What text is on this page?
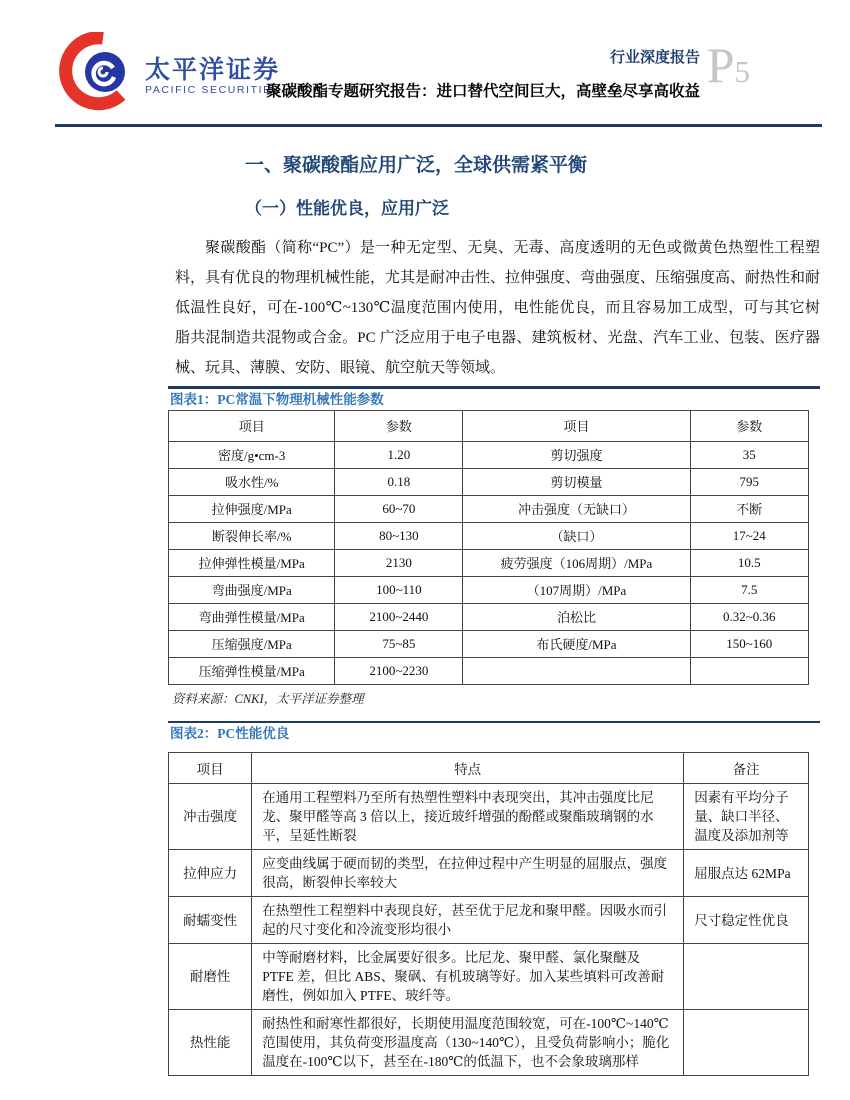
太平洋证券
PACIFIC SECURITIES
行业深度报告
聚碳酸酯专题研究报告：进口替代空间巨大，高壁垒尽享高收益 P5
一、聚碳酸酯应用广泛，全球供需紧平衡
（一）性能优良，应用广泛
聚碳酸酯（简称“PC”）是一种无定型、无臭、无毒、高度透明的无色或微黄色热塑性工程塑料，具有优良的物理机械性能，尤其是耐冲击性、拉伸强度、弯曲强度、压缩强度高、耐热性和耐低温性良好，可在-100℃~130℃温度范围内使用，电性能优良，而且容易加工成型，可与其它树脂共混制造共混物或合金。PC 广泛应用于电子电器、建筑板材、光盘、汽车工业、包装、医疗器械、玩具、薄膜、安防、眼镜、航空航天等领域。
图表1：PC常温下物理机械性能参数
项目	参数	项目	参数
密度/g•cm-3	1.20	剪切强度	35
吸水性/%	0.18	剪切模量	795
拉伸强度/MPa	60~70	冲击强度（无缺口）	不断
断裂伸长率/%	80~130	（缺口）	17~24
拉伸弹性模量/MPa	2130	疲劳强度（106周期）/MPa	10.5
弯曲强度/MPa	100~110	（107周期）/MPa	7.5
弯曲弹性模量/MPa	2100~2440	泊松比	0.32~0.36
压缩强度/MPa	75~85	布氏硬度/MPa	150~160
压缩弹性模量/MPa	2100~2230		
资料来源：CNKI，太平洋证券整理
图表2：PC性能优良
项目	特点	备注
冲击强度	在通用工程塑料乃至所有热塑性塑料中表现突出，其冲击强度比尼龙、聚甲醛等高 3 倍以上，接近玻纤增强的酚醛或聚酯玻璃钢的水平，呈延性断裂	因素有平均分子量、缺口半径、温度及添加剂等
拉伸应力	应变曲线属于硬而韧的类型，在拉伸过程中产生明显的屈服点，强度很高，断裂伸长率较大	屈服点达 62MPa
耐蠕变性	在热塑性工程塑料中表现良好，甚至优于尼龙和聚甲醛。因吸水而引起的尺寸变化和冷流变形均很小	尺寸稳定性优良
耐磨性	中等耐磨材料，比金属要好很多。比尼龙、聚甲醛、氯化聚醚及 PTFE 差，但比 ABS、聚砜、有机玻璃等好。加入某些填料可改善耐磨性，例如加入 PTFE、玻纤等。	
热性能	耐热性和耐寒性都很好，长期使用温度范围较宽，可在-100℃~140℃范围使用，其负荷变形温度高（130~140℃），且受负荷影响小；脆化温度在-100℃以下，甚至在-180℃的低温下，也不会象玻璃那样	
